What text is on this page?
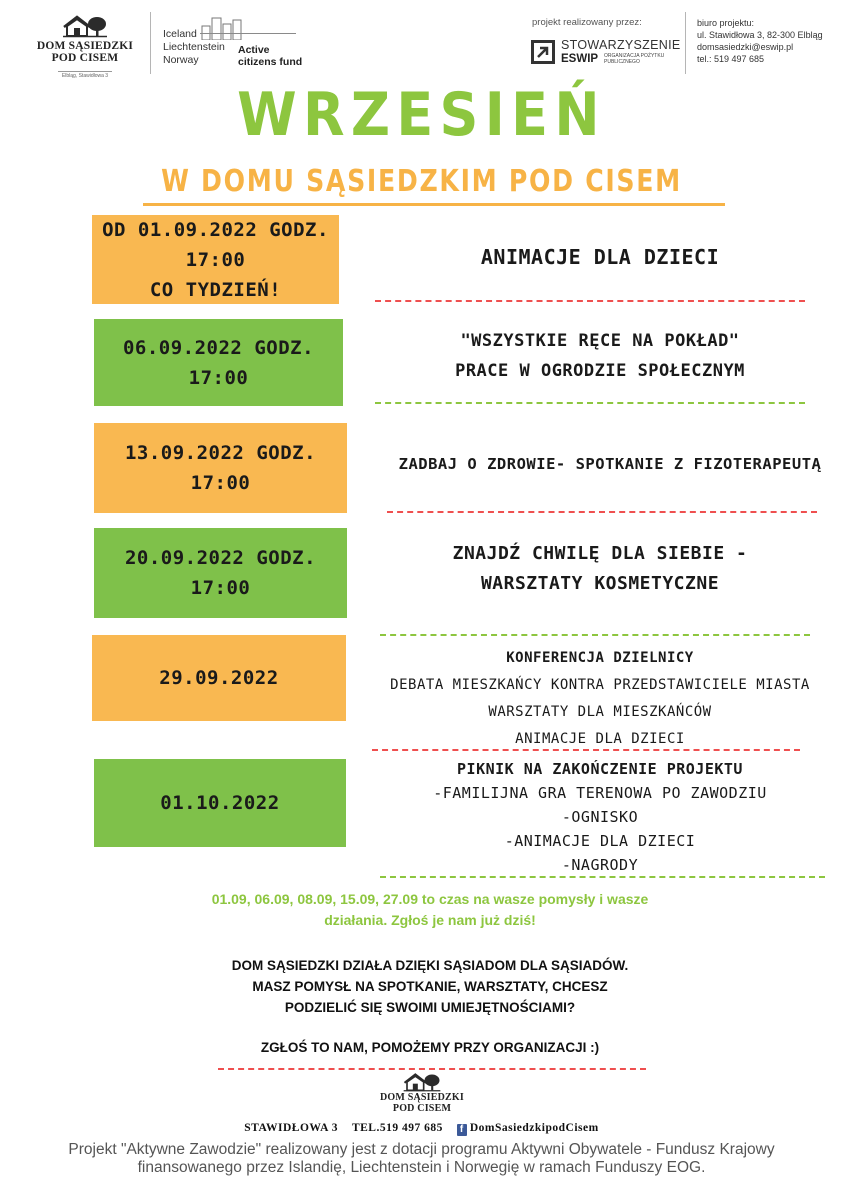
DOM SĄSIEDZKI
POD CISEM
Elbląg, Stawidłowa 3
Iceland
Liechtenstein
Norway
Active
citizens fund
projekt realizowany przez:
STOWARZYSZENIE
ESWIP ORGANIZACJA POŻYTKU PUBLICZNEGO
biuro projektu:
ul. Stawidłowa 3, 82-300 Elbląg
domsasiedzki@eswip.pl
tel.: 519 497 685
WRZESIEŃ
W DOMU SĄSIEDZKIM POD CISEM
OD 01.09.2022 GODZ. 17:00
CO TYDZIEŃ!
ANIMACJE DLA DZIECI
06.09.2022 GODZ. 17:00
"WSZYSTKIE RĘCE NA POKŁAD"
PRACE W OGRODZIE SPOŁECZNYM
13.09.2022 GODZ. 17:00
ZADBAJ O ZDROWIE- SPOTKANIE Z FIZOTERAPEUTĄ
20.09.2022 GODZ. 17:00
ZNAJDŹ CHWILĘ DLA SIEBIE -
WARSZTATY KOSMETYCZNE
29.09.2022
KONFERENCJA DZIELNICY
DEBATA MIESZKAŃCY KONTRA PRZEDSTAWICIELE MIASTA
WARSZTATY DLA MIESZKAŃCÓW
ANIMACJE DLA DZIECI
01.10.2022
PIKNIK NA ZAKOŃCZENIE PROJEKTU
-FAMILIJNA GRA TERENOWA PO ZAWODZIU
-OGNISKO
-ANIMACJE DLA DZIECI
-NAGRODY
01.09, 06.09, 08.09, 15.09, 27.09 to czas na wasze pomysły i wasze
działania. Zgłoś je nam już dziś!
DOM SĄSIEDZKI DZIAŁA DZIĘKI SĄSIADOM DLA SĄSIADÓW.
MASZ POMYSŁ NA SPOTKANIE, WARSZTATY, CHCESZ
PODZIELIĆ SIĘ SWOIMI UMIEJĘTNOŚCIAMI?
ZGŁOŚ TO NAM, POMOŻEMY PRZY ORGANIZACJI :)
DOM SĄSIEDZKI
POD CISEM
STAWIDŁOWA 3 TEL.519 497 685	f DomSasiedzkipodCisem
Projekt "Aktywne Zawodzie" realizowany jest z dotacji programu Aktywni Obywatele - Fundusz Krajowy
finansowanego przez Islandię, Liechtenstein i Norwegię w ramach Funduszy EOG.
